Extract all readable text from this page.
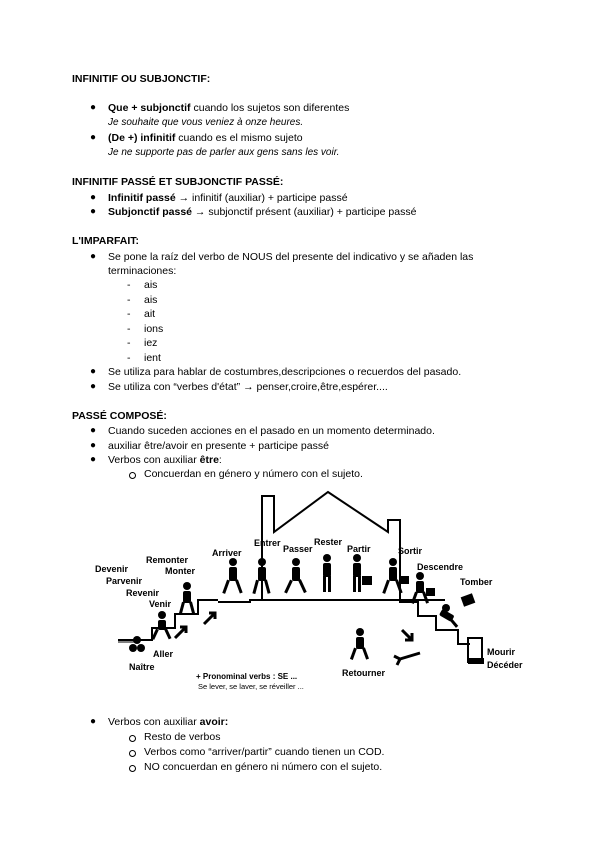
INFINITIF OU SUBJONCTIF:
● Que + subjonctif cuando los sujetos son diferentes
Je souhaite que vous veniez à onze heures.
● (De +) infinitif cuando es el mismo sujeto
Je ne supporte pas de parler aux gens sans les voir.
INFINITIF PASSÉ ET SUBJONCTIF PASSÉ:
● Infinitif passé → infinitif (auxiliar) + participe passé
● Subjonctif passé → subjonctif présent (auxiliar) + participe passé
L'IMPARFAIT:
● Se pone la raíz del verbo de NOUS del presente del indicativo y se añaden las
terminaciones:
- ais
- ais
- ait
- ions
- iez
- ient
● Se utiliza para hablar de costumbres,descripciones o recuerdos del pasado.
● Se utiliza con “verbes d'état” → penser,croire,être,espérer....
PASSÉ COMPOSÉ:
● Cuando suceden acciones en el pasado en un momento determinado.
● auxiliar être/avoir en presente + participe passé
● Verbos con auxiliar être:
Concuerdan en género y número con el sujeto.
Entrer
Passer
Rester
Partir	Sortir
Arriver
Monter
Remonter
Devenir
Parvenir
Revenir
Venir
Aller
Naître
Descendre
Tomber
Mourir
Décéder
Retourner
+ Pronominal verbs : SE ...
Se lever, se laver, se réveiller ...
● Verbos con auxiliar avoir:
Resto de verbos
Verbos como “arriver/partir” cuando tienen un COD.
NO concuerdan en género ni número con el sujeto.
